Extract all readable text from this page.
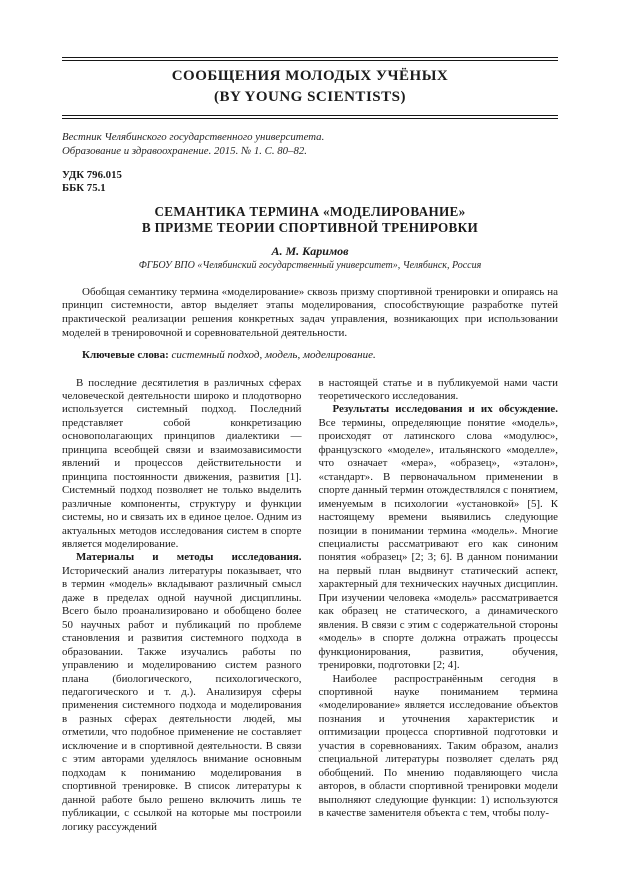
СООБЩЕНИЯ МОЛОДЫХ УЧЁНЫХ
(BY YOUNG SCIENTISTS)
Вестник Челябинского государственного университета.
Образование и здравоохранение. 2015. № 1. С. 80–82.
УДК 796.015
ББК 75.1
СЕМАНТИКА ТЕРМИНА «МОДЕЛИРОВАНИЕ»
В ПРИЗМЕ ТЕОРИИ СПОРТИВНОЙ ТРЕНИРОВКИ
А. М. Каримов
ФГБОУ ВПО «Челябинский государственный университет», Челябинск, Россия

Обобщая семантику термина «моделирование» сквозь призму спортивной тренировки и опираясь на принцип системности, автор выделяет этапы моделирования, способствующие разработке путей практической реализации решения конкретных задач управления, возникающих при использовании моделей в тренировочной и соревновательной деятельности.

Ключевые слова: системный подход, модель, моделирование.

В последние десятилетия в различных сферах человеческой деятельности широко и плодотворно используется системный подход. Последний представляет собой конкретизацию основополагающих принципов диалектики — принципа всеобщей связи и взаимозависимости явлений и процессов действительности и принципа постоянности движения, развития [1]. Системный подход позволяет не только выделить различные компоненты, структуру и функции системы, но и связать их в единое целое. Одним из актуальных методов исследования систем в спорте является моделирование.

Материалы и методы исследования. Исторический анализ литературы показывает, что в термин «модель» вкладывают различный смысл даже в пределах одной научной дисциплины. Всего было проанализировано и обобщено более 50 научных работ и публикаций по проблеме становления и развития системного подхода в образовании. Также изучались работы по управлению и моделированию систем разного плана (биологического, психологического, педагогического и т. д.). Анализируя сферы применения системного подхода и моделирования в разных сферах деятельности людей, мы отметили, что подобное применение не составляет исключение и в спортивной деятельности. В связи с этим авторами уделялось внимание основным подходам к пониманию моделирования в спортивной тренировке. В список литературы к данной работе было решено включить лишь те публикации, с ссылкой на которые мы построили логику рассуждений

в настоящей статье и в публикуемой нами части теоретического исследования.

Результаты исследования и их обсуждение. Все термины, определяющие понятие «модель», происходят от латинского слова «модулюс», французского «моделе», итальянского «моделле», что означает «мера», «образец», «эталон», «стандарт». В первоначальном применении в спорте данный термин отождествлялся с понятием, именуемым в психологии «установкой» [5]. К настоящему времени выявились следующие позиции в понимании термина «модель». Многие специалисты рассматривают его как синоним понятия «образец» [2; 3; 6]. В данном понимании на первый план выдвинут статический аспект, характерный для технических научных дисциплин. При изучении человека «модель» рассматривается как образец не статического, а динамического явления. В связи с этим с содержательной стороны «модель» в спорте должна отражать процессы функционирования, развития, обучения, тренировки, подготовки [2; 4].

Наиболее распространённым сегодня в спортивной науке пониманием термина «моделирование» является исследование объектов познания и уточнения характеристик и оптимизации процесса спортивной подготовки и участия в соревнованиях. Таким образом, анализ специальной литературы позволяет сделать ряд обобщений. По мнению подавляющего числа авторов, в области спортивной тренировки модели выполняют следующие функции: 1) используются в качестве заменителя объекта с тем, чтобы полу-
